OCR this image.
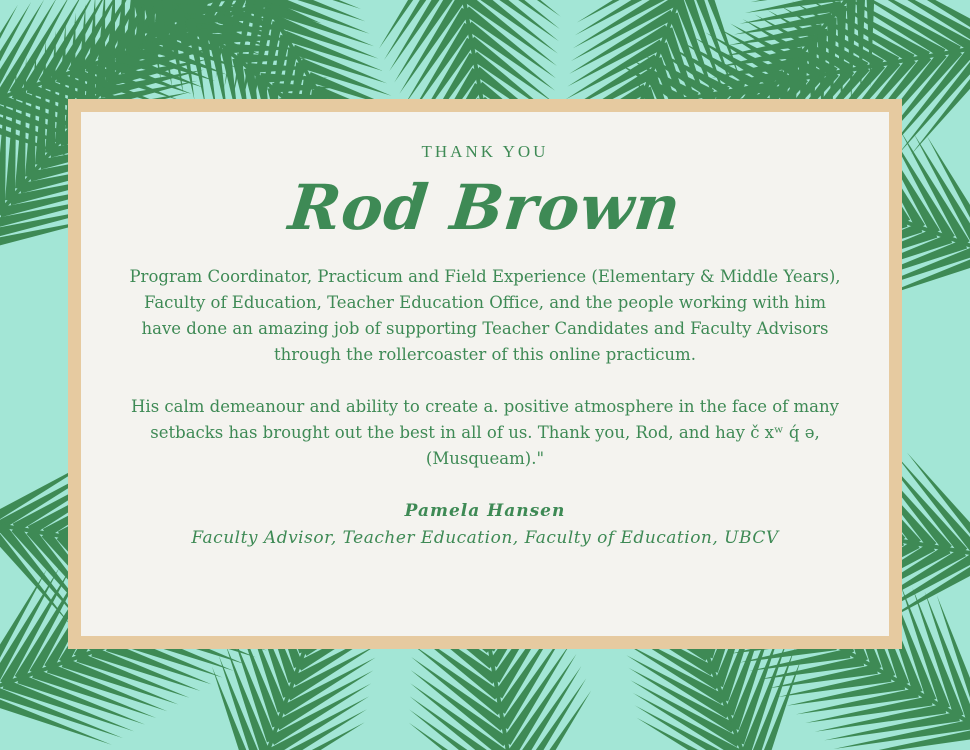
THANK YOU
Rod Brown
Program Coordinator, Practicum and Field Experience (Elementary & Middle Years), Faculty of Education, Teacher Education Office, and the people working with him have done an amazing job of supporting Teacher Candidates and Faculty Advisors through the rollercoaster of this online practicum.
His calm demeanour and ability to create a. positive atmosphere in the face of many setbacks has brought out the best in all of us. Thank you, Rod, and hay č xʷ q́ ə,(Musqueam)."
Pamela Hansen
Faculty Advisor, Teacher Education, Faculty of Education, UBCV
